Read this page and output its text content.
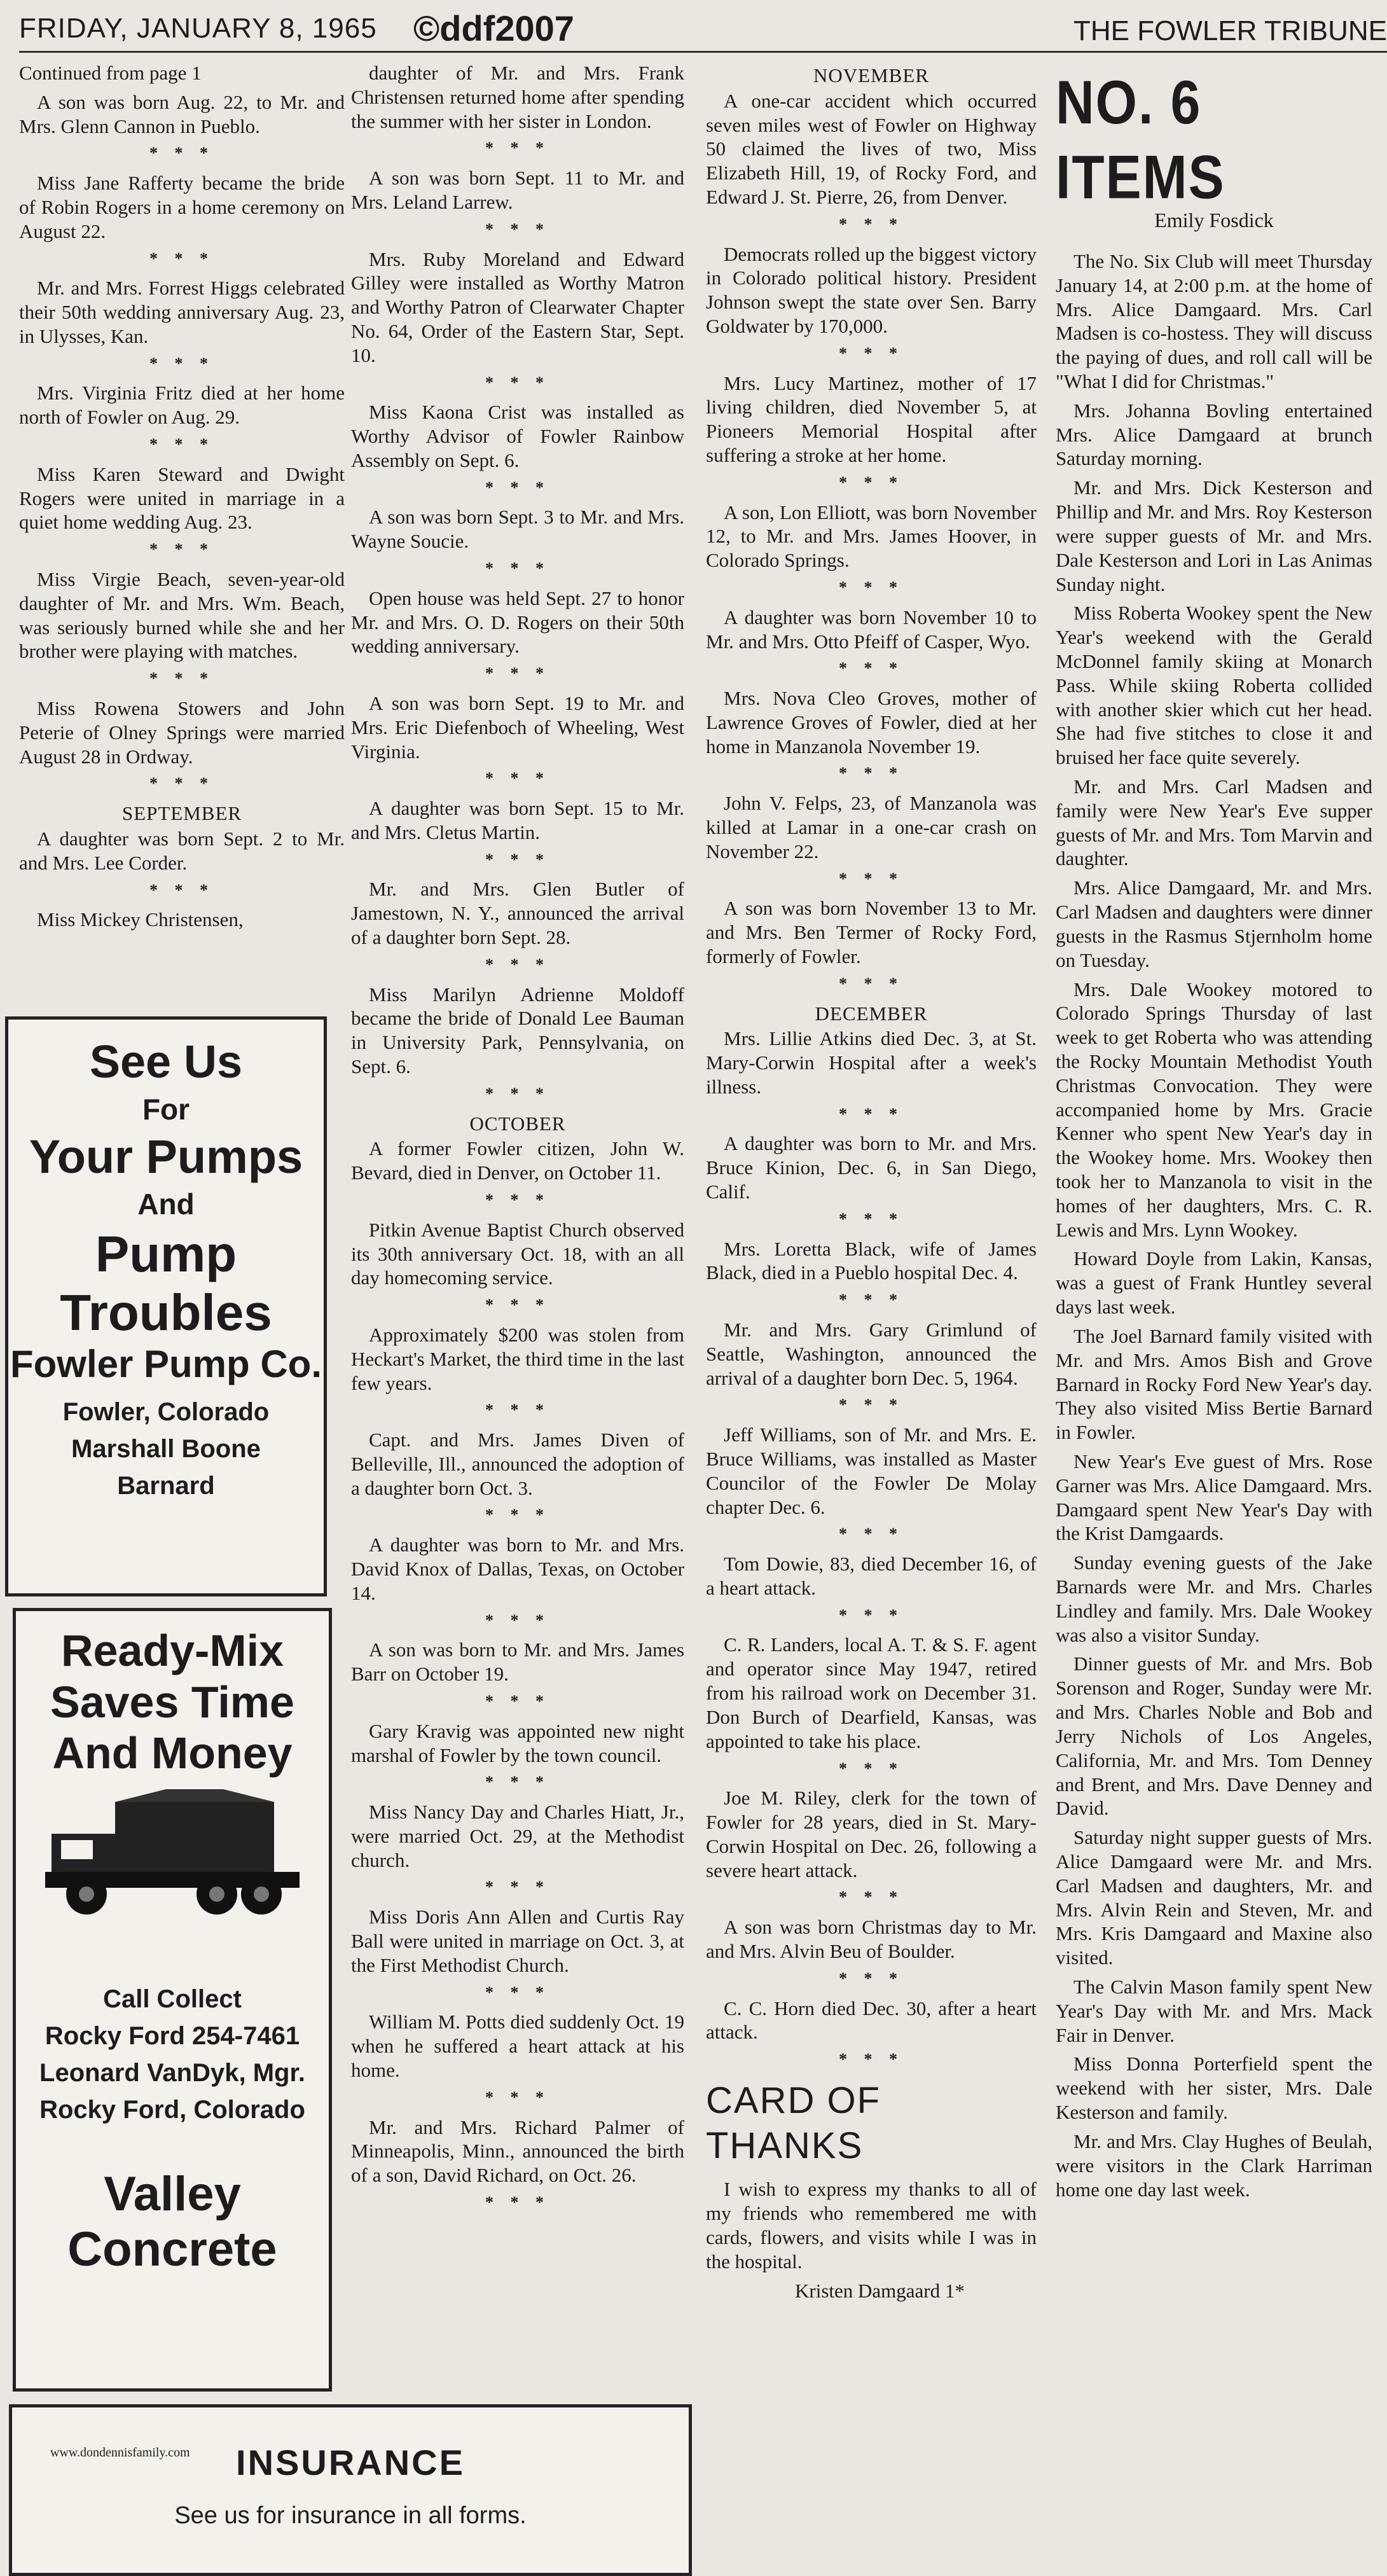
FRIDAY, JANUARY 8, 1965 ©ddf2007	THE FOWLER TRIBUNE
Continued from page 1
A son was born Aug. 22, to Mr. and Mrs. Glenn Cannon in Pueblo.
* * *
Miss Jane Rafferty became the bride of Robin Rogers in a home ceremony on August 22.
* * *
Mr. and Mrs. Forrest Higgs celebrated their 50th wedding anniversary Aug. 23, in Ulysses, Kan.
* * *
Mrs. Virginia Fritz died at her home north of Fowler on Aug. 29.
* * *
Miss Karen Steward and Dwight Rogers were united in marriage in a quiet home wedding Aug. 23.
* * *
Miss Virgie Beach, seven-year-old daughter of Mr. and Mrs. Wm. Beach, was seriously burned while she and her brother were playing with matches.
* * *
Miss Rowena Stowers and John Peterie of Olney Springs were married August 28 in Ordway.
* * *
SEPTEMBER
A daughter was born Sept. 2 to Mr. and Mrs. Lee Corder.
* * *
Miss Mickey Christensen,
See Us
For
Your Pumps
And
Pump
Troubles
Fowler Pump Co.
Fowler, Colorado
Marshall Boone
Barnard
Ready-Mix
Saves Time
And Money
Call Collect
Rocky Ford 254-7461
Leonard VanDyk, Mgr.
Rocky Ford, Colorado
Valley
Concrete
daughter of Mr. and Mrs. Frank Christensen returned home after spending the summer with her sister in London.
* * *
A son was born Sept. 11 to Mr. and Mrs. Leland Larrew.
* * *
Mrs. Ruby Moreland and Edward Gilley were installed as Worthy Matron and Worthy Patron of Clearwater Chapter No. 64, Order of the Eastern Star, Sept. 10.
* * *
Miss Kaona Crist was installed as Worthy Advisor of Fowler Rainbow Assembly on Sept. 6.
* * *
A son was born Sept. 3 to Mr. and Mrs. Wayne Soucie.
* * *
Open house was held Sept. 27 to honor Mr. and Mrs. O. D. Rogers on their 50th wedding anniversary.
* * *
A son was born Sept. 19 to Mr. and Mrs. Eric Diefenboch of Wheeling, West Virginia.
* * *
A daughter was born Sept. 15 to Mr. and Mrs. Cletus Martin.
* * *
Mr. and Mrs. Glen Butler of Jamestown, N. Y., announced the arrival of a daughter born Sept. 28.
* * *
Miss Marilyn Adrienne Moldoff became the bride of Donald Lee Bauman in University Park, Pennsylvania, on Sept. 6.
* * *
OCTOBER
A former Fowler citizen, John W. Bevard, died in Denver, on October 11.
* * *
Pitkin Avenue Baptist Church observed its 30th anniversary Oct. 18, with an all day homecoming service.
* * *
Approximately $200 was stolen from Heckart's Market, the third time in the last few years.
* * *
Capt. and Mrs. James Diven of Belleville, Ill., announced the adoption of a daughter born Oct. 3.
* * *
A daughter was born to Mr. and Mrs. David Knox of Dallas, Texas, on October 14.
* * *
A son was born to Mr. and Mrs. James Barr on October 19.
* * *
Gary Kravig was appointed new night marshal of Fowler by the town council.
* * *
Miss Nancy Day and Charles Hiatt, Jr., were married Oct. 29, at the Methodist church.
* * *
Miss Doris Ann Allen and Curtis Ray Ball were united in marriage on Oct. 3, at the First Methodist Church.
* * *
William M. Potts died suddenly Oct. 19 when he suffered a heart attack at his home.
* * *
Mr. and Mrs. Richard Palmer of Minneapolis, Minn., announced the birth of a son, David Richard, on Oct. 26.
* * *
NOVEMBER
A one-car accident which occurred seven miles west of Fowler on Highway 50 claimed the lives of two, Miss Elizabeth Hill, 19, of Rocky Ford, and Edward J. St. Pierre, 26, from Denver.
* * *
Democrats rolled up the biggest victory in Colorado political history. President Johnson swept the state over Sen. Barry Goldwater by 170,000.
* * *
Mrs. Lucy Martinez, mother of 17 living children, died November 5, at Pioneers Memorial Hospital after suffering a stroke at her home.
* * *
A son, Lon Elliott, was born November 12, to Mr. and Mrs. James Hoover, in Colorado Springs.
* * *
A daughter was born November 10 to Mr. and Mrs. Otto Pfeiff of Casper, Wyo.
* * *
Mrs. Nova Cleo Groves, mother of Lawrence Groves of Fowler, died at her home in Manzanola November 19.
* * *
John V. Felps, 23, of Manzanola was killed at Lamar in a one-car crash on November 22.
* * *
A son was born November 13 to Mr. and Mrs. Ben Termer of Rocky Ford, formerly of Fowler.
* * *
DECEMBER
Mrs. Lillie Atkins died Dec. 3, at St. Mary-Corwin Hospital after a week's illness.
* * *
A daughter was born to Mr. and Mrs. Bruce Kinion, Dec. 6, in San Diego, Calif.
* * *
Mrs. Loretta Black, wife of James Black, died in a Pueblo hospital Dec. 4.
* * *
Mr. and Mrs. Gary Grimlund of Seattle, Washington, announced the arrival of a daughter born Dec. 5, 1964.
* * *
Jeff Williams, son of Mr. and Mrs. E. Bruce Williams, was installed as Master Councilor of the Fowler De Molay chapter Dec. 6.
* * *
Tom Dowie, 83, died December 16, of a heart attack.
* * *
C. R. Landers, local A. T. & S. F. agent and operator since May 1947, retired from his railroad work on December 31. Don Burch of Dearfield, Kansas, was appointed to take his place.
* * *
Joe M. Riley, clerk for the town of Fowler for 28 years, died in St. Mary-Corwin Hospital on Dec. 26, following a severe heart attack.
* * *
A son was born Christmas day to Mr. and Mrs. Alvin Beu of Boulder.
* * *
C. C. Horn died Dec. 30, after a heart attack.
* * *
CARD OF THANKS
I wish to express my thanks to all of my friends who remembered me with cards, flowers, and visits while I was in the hospital.
Kristen Damgaard 1*
NO. 6 ITEMS
Emily Fosdick
The No. Six Club will meet Thursday January 14, at 2:00 p.m. at the home of Mrs. Alice Damgaard. Mrs. Carl Madsen is co-hostess. They will discuss the paying of dues, and roll call will be "What I did for Christmas."
Mrs. Johanna Bovling entertained Mrs. Alice Damgaard at brunch Saturday morning.
Mr. and Mrs. Dick Kesterson and Phillip and Mr. and Mrs. Roy Kesterson were supper guests of Mr. and Mrs. Dale Kesterson and Lori in Las Animas Sunday night.
Miss Roberta Wookey spent the New Year's weekend with the Gerald McDonnel family skiing at Monarch Pass. While skiing Roberta collided with another skier which cut her head. She had five stitches to close it and bruised her face quite severely.
Mr. and Mrs. Carl Madsen and family were New Year's Eve supper guests of Mr. and Mrs. Tom Marvin and daughter.
Mrs. Alice Damgaard, Mr. and Mrs. Carl Madsen and daughters were dinner guests in the Rasmus Stjernholm home on Tuesday.
Mrs. Dale Wookey motored to Colorado Springs Thursday of last week to get Roberta who was attending the Rocky Mountain Methodist Youth Christmas Convocation. They were accompanied home by Mrs. Gracie Kenner who spent New Year's day in the Wookey home. Mrs. Wookey then took her to Manzanola to visit in the homes of her daughters, Mrs. C. R. Lewis and Mrs. Lynn Wookey.
Howard Doyle from Lakin, Kansas, was a guest of Frank Huntley several days last week.
The Joel Barnard family visited with Mr. and Mrs. Amos Bish and Grove Barnard in Rocky Ford New Year's day. They also visited Miss Bertie Barnard in Fowler.
New Year's Eve guest of Mrs. Rose Garner was Mrs. Alice Damgaard. Mrs. Damgaard spent New Year's Day with the Krist Damgaards.
Sunday evening guests of the Jake Barnards were Mr. and Mrs. Charles Lindley and family. Mrs. Dale Wookey was also a visitor Sunday.
Dinner guests of Mr. and Mrs. Bob Sorenson and Roger, Sunday were Mr. and Mrs. Charles Noble and Bob and Jerry Nichols of Los Angeles, California, Mr. and Mrs. Tom Denney and Brent, and Mrs. Dave Denney and David.
Saturday night supper guests of Mrs. Alice Damgaard were Mr. and Mrs. Carl Madsen and daughters, Mr. and Mrs. Alvin Rein and Steven, Mr. and Mrs. Kris Damgaard and Maxine also visited.
The Calvin Mason family spent New Year's Day with Mr. and Mrs. Mack Fair in Denver.
Miss Donna Porterfield spent the weekend with her sister, Mrs. Dale Kesterson and family.
Mr. and Mrs. Clay Hughes of Beulah, were visitors in the Clark Harriman home one day last week.
www.dondennisfamily.com	INSURANCE
See us for insurance in all forms.
